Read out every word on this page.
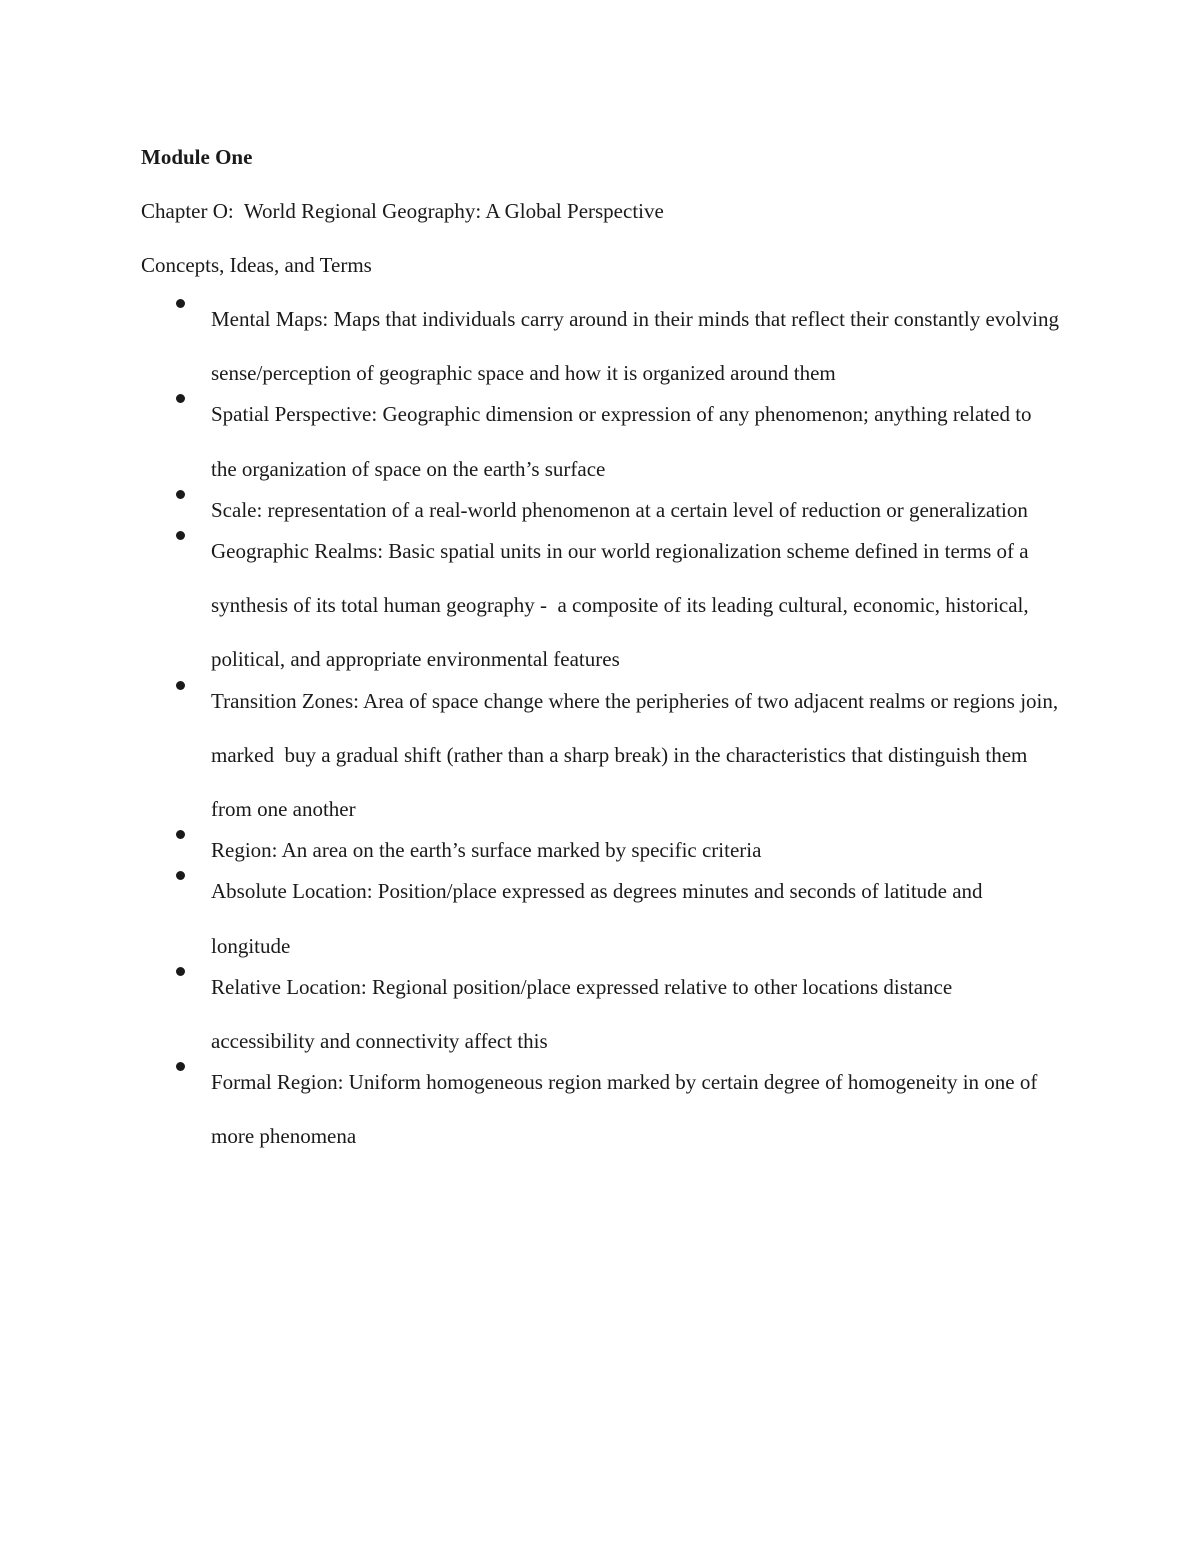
Module One

Chapter O:  World Regional Geography: A Global Perspective

Concepts, Ideas, and Terms

Mental Maps: Maps that individuals carry around in their minds that reflect their constantly evolving sense/perception of geographic space and how it is organized around them
Spatial Perspective: Geographic dimension or expression of any phenomenon; anything related to the organization of space on the earth’s surface
Scale: representation of a real-world phenomenon at a certain level of reduction or generalization
Geographic Realms: Basic spatial units in our world regionalization scheme defined in terms of a synthesis of its total human geography -  a composite of its leading cultural, economic, historical, political, and appropriate environmental features
Transition Zones: Area of space change where the peripheries of two adjacent realms or regions join, marked  buy a gradual shift (rather than a sharp break) in the characteristics that distinguish them from one another
Region: An area on the earth’s surface marked by specific criteria
Absolute Location: Position/place expressed as degrees minutes and seconds of latitude and longitude
Relative Location: Regional position/place expressed relative to other locations distance accessibility and connectivity affect this
Formal Region: Uniform homogeneous region marked by certain degree of homogeneity in one of more phenomena
